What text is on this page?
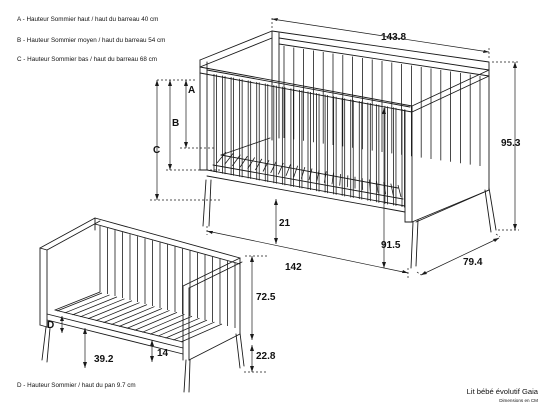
143.8
95.3
79.4
142
21
91.5
A
B
C
72.5
22.8
14
39.2
D
A - Hauteur Sommier haut / haut du barreau 40 cm
B - Hauteur Sommier moyen / haut du barreau 54 cm
C - Hauteur Sommier bas / haut du barreau 68 cm
D - Hauteur Sommier / haut du pan 9.7 cm
Lit bébé évolutif Gaia
Dimensions en CM
